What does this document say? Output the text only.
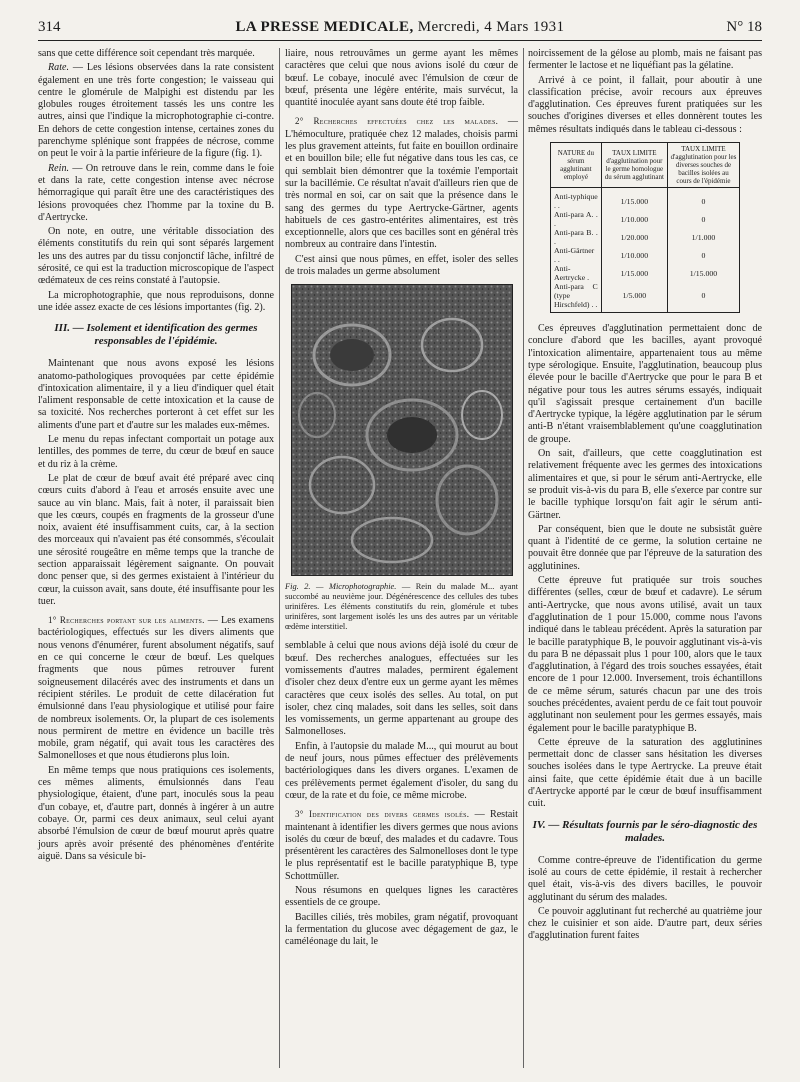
314	LA PRESSE MEDICALE, Mercredi, 4 Mars 1931	N° 18

sans que cette différence soit cependant très marquée.

Rate. — Les lésions observées dans la rate consistent également en une très forte congestion; le vaisseau qui centre le glomérule de Malpighi est distendu par les globules rouges étroitement tassés les uns contre les autres, ainsi que l'indique la microphotographie ci-contre. En dehors de cette congestion intense, certaines zones du parenchyme splénique sont frappées de nécrose, comme on peut le voir à la partie inférieure de la figure (fig. 1).

Rein. — On retrouve dans le rein, comme dans le foie et dans la rate, cette congestion intense avec nécrose hémorragique qui paraît être une des caractéristiques des lésions provoquées chez l'homme par la toxine du B. d'Aertrycke.

On note, en outre, une véritable dissociation des éléments constitutifs du rein qui sont séparés largement les uns des autres par du tissu conjonctif lâche, infiltré de sérosité, ce qui est la traduction microscopique de l'aspect œdémateux de ces reins constaté à l'autopsie.

La microphotographie, que nous reproduisons, donne une idée assez exacte de ces lésions importantes (fig. 2).

III. — Isolement et identification des germes responsables de l'épidémie.

Maintenant que nous avons exposé les lésions anatomo-pathologiques provoquées par cette épidémie d'intoxication alimentaire, il y a lieu d'indiquer quel était l'aliment responsable de cette intoxication et la cause de sa toxicité. Nos recherches porteront à cet effet sur les aliments d'une part et d'autre sur les malades eux-mêmes.

Le menu du repas infectant comportait un potage aux lentilles, des pommes de terre, du cœur de bœuf en sauce et du riz à la crème.

Le plat de cœur de bœuf avait été préparé avec cinq cœurs cuits d'abord à l'eau et arrosés ensuite avec une sauce au vin blanc. Mais, fait à noter, il paraissait bien que les cœurs, coupés en fragments de la grosseur d'une noix, avaient été insuffisamment cuits, car, à la section des morceaux qui n'avaient pas été consommés, s'écoulait une sérosité rougeâtre en même temps que la tranche de section apparaissait légèrement saignante. On pouvait donc penser que, si des germes existaient à l'intérieur du cœur, la cuisson avait, sans doute, été insuffisante pour les tuer.

1° Recherches portant sur les aliments. — Les examens bactériologiques, effectués sur les divers aliments que nous venons d'énumérer, furent absolument négatifs, sauf en ce qui concerne le cœur de bœuf. Les quelques fragments que nous pûmes retrouver furent soigneusement dilacérés avec des instruments et dans un récipient stériles. Le produit de cette dilacération fut émulsionné dans l'eau physiologique et utilisé pour faire de nombreux isolements. Or, la plupart de ces isolements nous permirent de mettre en évidence un bacille très mobile, gram négatif, qui avait tous les caractères des Salmonelloses et que nous étudierons plus loin.

En même temps que nous pratiquions ces isolements, ces mêmes aliments, émulsionnés dans l'eau physiologique, étaient, d'une part, inoculés sous la peau d'un cobaye, et, d'autre part, donnés à ingérer à un autre cobaye. Or, parmi ces deux animaux, seul celui ayant absorbé l'émulsion de cœur de bœuf mourut après quatre jours après avoir présenté des phénomènes d'entérite aiguë. Dans sa vésicule bi-

liaire, nous retrouvâmes un germe ayant les mêmes caractères que celui que nous avions isolé du cœur de bœuf. Le cobaye, inoculé avec l'émulsion de cœur de bœuf, présenta une légère entérite, mais survécut, la quantité inoculée ayant sans doute été trop faible.

2° Recherches effectuées chez les malades. — L'hémoculture, pratiquée chez 12 malades, choisis parmi les plus gravement atteints, fut faite en bouillon ordinaire et en bouillon bile; elle fut négative dans tous les cas, ce qui semblait bien démontrer que la toxémie l'emportait sur la bacillémie. Ce résultat n'avait d'ailleurs rien que de très normal en soi, car on sait que la présence dans le sang des germes du type Aertrycke-Gärtner, agents habituels de ces gastro-entérites alimentaires, est très exceptionnelle, alors que ces bacilles sont en général très nombreux au contraire dans l'intestin.

C'est ainsi que nous pûmes, en effet, isoler des selles de trois malades un germe absolument

Fig. 2. — Microphotographie. — Rein du malade M... ayant succombé au neuvième jour. Dégénérescence des cellules des tubes urinifères. Les éléments constitutifs du rein, glomérule et tubes urinifères, sont largement isolés les uns des autres par un véritable œdème interstitiel.

semblable à celui que nous avions déjà isolé du cœur de bœuf. Des recherches analogues, effectuées sur les vomissements d'autres malades, permirent également d'isoler chez deux d'entre eux un germe ayant les mêmes caractères que ceux isolés des selles. Au total, on put isoler, chez cinq malades, soit dans les selles, soit dans les vomissements, un germe appartenant au groupe des Salmonelloses.

Enfin, à l'autopsie du malade M..., qui mourut au bout de neuf jours, nous pûmes effectuer des prélèvements bactériologiques dans les divers organes. L'examen de ces prélèvements permet également d'isoler, du sang du cœur, de la rate et du foie, ce même microbe.

3° Identification des divers germes isolés. — Restait maintenant à identifier les divers germes que nous avions isolés du cœur de bœuf, des malades et du cadavre. Tous présentèrent les caractères des Salmonelloses dont le type le plus représentatif est le bacille paratyphique B, type Schottmüller.

Nous résumons en quelques lignes les caractères essentiels de ce groupe.

Bacilles ciliés, très mobiles, gram négatif, provoquant la fermentation du glucose avec dégagement de gaz, le caméléonage du lait, le

noircissement de la gélose au plomb, mais ne faisant pas fermenter le lactose et ne liquéfiant pas la gélatine.

Arrivé à ce point, il fallait, pour aboutir à une classification précise, avoir recours aux épreuves d'agglutination. Ces épreuves furent pratiquées sur les souches d'origines diverses et elles donnèrent toutes les mêmes résultats indiqués dans le tableau ci-dessous :

NATURE du sérum agglutinant employé	TAUX LIMITE d'agglutination pour le germe homologue du sérum agglutinant	TAUX LIMITE d'agglutination pour les diverses souches de bacilles isolées au cours de l'épidémie
Anti-typhique . .	1/15.000	0
Anti-para A. . .	1/10.000	0
Anti-para B. . .	1/20.000	1/1.000
Anti-Gärtner . .	1/10.000	0
Anti-Aertrycke .	1/15.000	1/15.000
Anti-para C (type Hirschfeld) . .	1/5.000	0

Ces épreuves d'agglutination permettaient donc de conclure d'abord que les bacilles, ayant provoqué l'intoxication alimentaire, appartenaient tous au même type sérologique. Ensuite, l'agglutination, beaucoup plus élevée pour le bacille d'Aertrycke que pour le para B et négative pour tous les autres sérums essayés, indiquait qu'il s'agissait presque certainement d'un bacille d'Aertrycke typique, la légère agglutination par le sérum anti-B n'étant vraisemblablement qu'une coagglutination de groupe.

On sait, d'ailleurs, que cette coagglutination est relativement fréquente avec les germes des intoxications alimentaires et que, si pour le sérum anti-Aertrycke, elle se produit vis-à-vis du para B, elle s'exerce par contre sur le bacille typhique lorsqu'on fait agir le sérum anti-Gärtner.

Par conséquent, bien que le doute ne subsistât guère quant à l'identité de ce germe, la solution certaine ne pouvait être donnée que par l'épreuve de la saturation des agglutinines.

Cette épreuve fut pratiquée sur trois souches différentes (selles, cœur de bœuf et cadavre). Le sérum anti-Aertrycke, que nous avons utilisé, avait un taux d'agglutination de 1 pour 15.000, comme nous l'avons indiqué dans le tableau précédent. Après la saturation par le bacille paratyphique B, le pouvoir agglutinant vis-à-vis du para B ne dépassait plus 1 pour 100, alors que le taux d'agglutination, à l'égard des trois souches essayées, était encore de 1 pour 12.000. Inversement, trois échantillons de ce même sérum, saturés chacun par une des trois souches précédentes, avaient perdu de ce fait tout pouvoir agglutinant non seulement pour les germes essayés, mais également pour le bacille paratyphique B.

Cette épreuve de la saturation des agglutinines permettait donc de classer sans hésitation les diverses souches isolées dans le type Aertrycke. La preuve était ainsi faite, que cette épidémie était due à un bacille d'Aertrycke apporté par le cœur de bœuf insuffisamment cuit.

IV. — Résultats fournis par le séro-diagnostic des malades.

Comme contre-épreuve de l'identification du germe isolé au cours de cette épidémie, il restait à rechercher quel était, vis-à-vis des divers bacilles, le pouvoir agglutinant du sérum des malades.

Ce pouvoir agglutinant fut recherché au quatrième jour chez le cuisinier et son aide. D'autre part, deux séries d'agglutination furent faites
